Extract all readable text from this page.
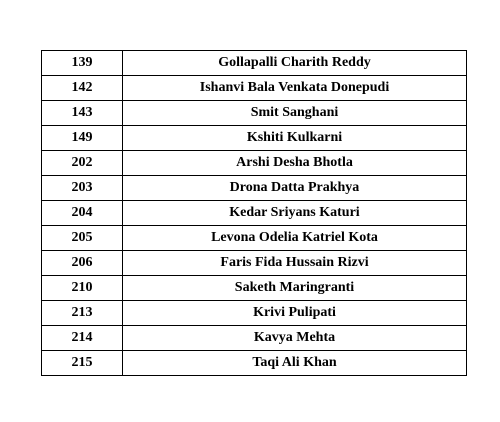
139	Gollapalli Charith Reddy
142	Ishanvi Bala Venkata Donepudi
143	Smit Sanghani
149	Kshiti Kulkarni
202	Arshi Desha Bhotla
203	Drona Datta Prakhya
204	Kedar Sriyans Katuri
205	Levona Odelia Katriel Kota
206	Faris Fida Hussain Rizvi
210	Saketh Maringranti
213	Krivi Pulipati
214	Kavya Mehta
215	Taqi Ali Khan
